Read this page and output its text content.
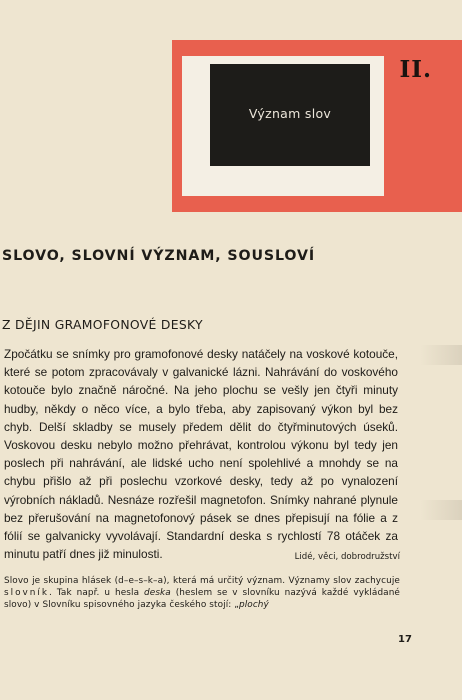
II.
Význam slov
SLOVO, SLOVNÍ VÝZNAM, SOUSLOVÍ
Z DĚJIN GRAMOFONOVÉ DESKY

Zpočátku se snímky pro gramofonové desky natáčely na voskové kotouče, které se potom zpracovávaly v galvanické lázni. Nahrávání do voskového kotouče bylo značně náročné. Na jeho plochu se vešly jen čtyři minuty hudby, někdy o něco více, a bylo třeba, aby zapisovaný výkon byl bez chyb. Delší skladby se musely předem dělit do čtyřminutových úseků. Voskovou desku nebylo možno přehrávat, kontrolou výkonu byl tedy jen poslech při nahrávání, ale lidské ucho není spolehlivé a mnohdy se na chybu přišlo až při poslechu vzorkové desky, tedy až po vynalození výrobních nákladů. Nesnáze rozřešil magnetofon. Snímky nahrané plynule bez přerušování na magnetofonový pásek se dnes přepisují na fólie a z fólií se galvanicky vyvolávají. Standardní deska s rychlostí 78 otáček za minutu patří dnes již minulosti.	Lidé, věci, dobrodružství

Slovo je skupina hlásek (d–e–s–k–a), která má určitý význam. Významy slov zachycuje slovník. Tak např. u hesla deska (heslem se v slovníku nazývá každé vykládané slovo) v Slovníku spisovného jazyka českého stojí: „plochý

17
